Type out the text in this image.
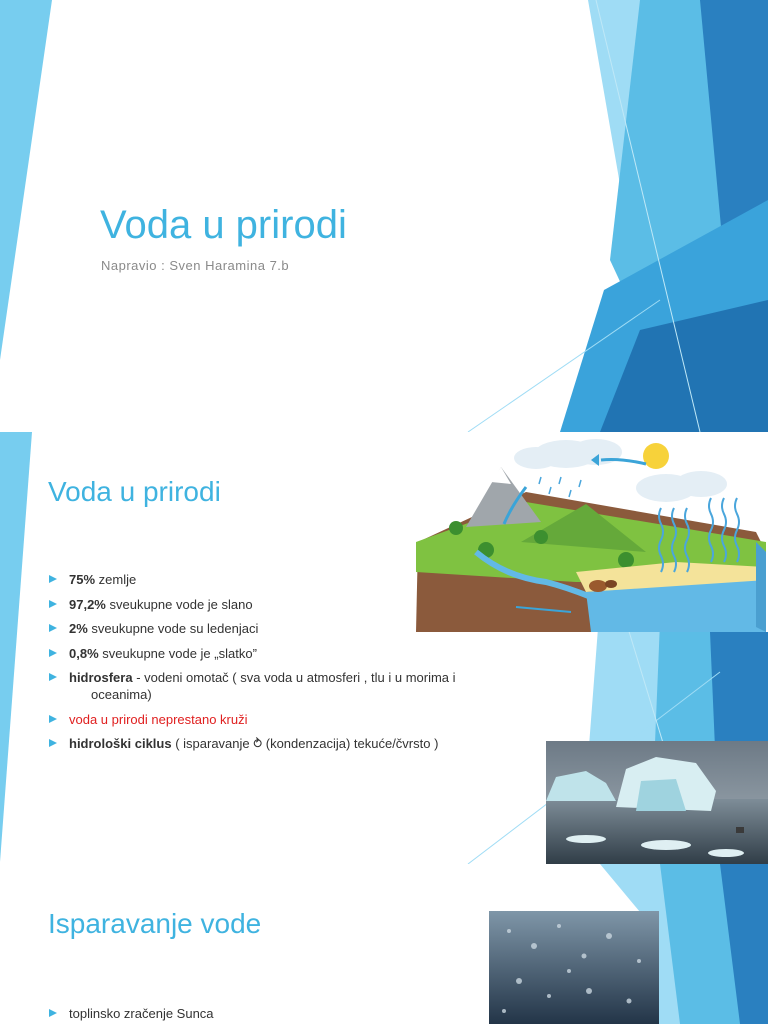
Voda u prirodi
Napravio : Sven Haramina 7.b
Voda u prirodi
75% zemlje
97,2% sveukupne vode je slano
2% sveukupne vode su ledenjaci
0,8% sveukupne vode je „slatko”
hidrosfera - vodeni omotač ( sva voda u atmosferi , tlu i u morima i
oceanima)
voda u prirodi neprestano kruži
hidrološki ciklus ( isparavanje ⥁ (kondenzacija) tekuće/čvrsto )
Isparavanje vode
toplinsko zračenje Sunca
